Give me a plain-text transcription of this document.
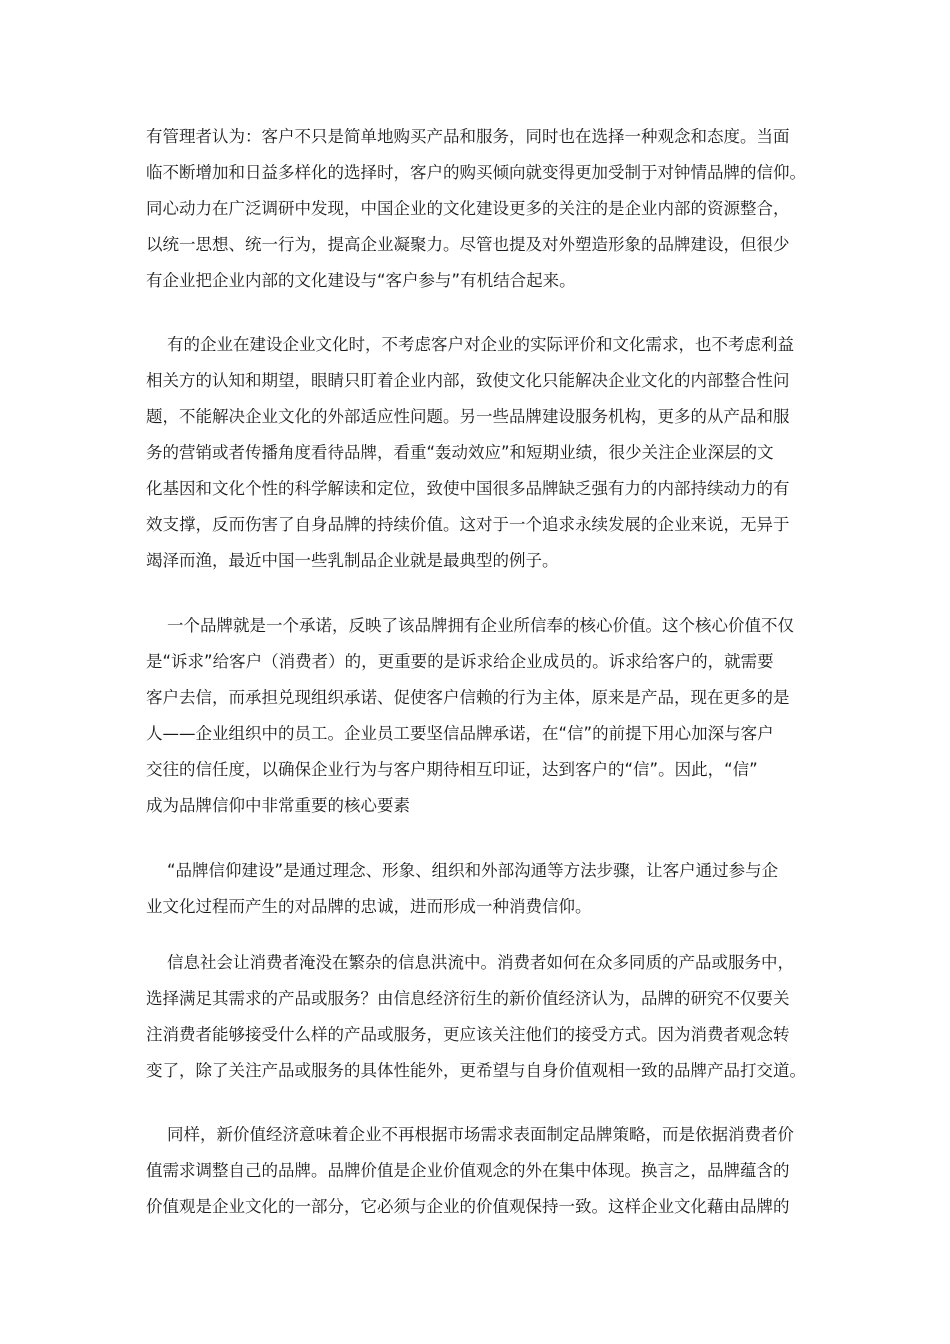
有管理者认为：客户不只是简单地购买产品和服务，同时也在选择一种观念和态度。当面
临不断增加和日益多样化的选择时，客户的购买倾向就变得更加受制于对钟情品牌的信仰。
同心动力在广泛调研中发现，中国企业的文化建设更多的关注的是企业内部的资源整合，
以统一思想、统一行为，提高企业凝聚力。尽管也提及对外塑造形象的品牌建设，但很少
有企业把企业内部的文化建设与“客户参与”有机结合起来。
有的企业在建设企业文化时，不考虑客户对企业的实际评价和文化需求，也不考虑利益
相关方的认知和期望，眼睛只盯着企业内部，致使文化只能解决企业文化的内部整合性问
题，不能解决企业文化的外部适应性问题。另一些品牌建设服务机构，更多的从产品和服
务的营销或者传播角度看待品牌，看重“轰动效应”和短期业绩，很少关注企业深层的文
化基因和文化个性的科学解读和定位，致使中国很多品牌缺乏强有力的内部持续动力的有
效支撑，反而伤害了自身品牌的持续价值。这对于一个追求永续发展的企业来说，无异于
竭泽而渔，最近中国一些乳制品企业就是最典型的例子。
一个品牌就是一个承诺，反映了该品牌拥有企业所信奉的核心价值。这个核心价值不仅
是“诉求”给客户（消费者）的，更重要的是诉求给企业成员的。诉求给客户的，就需要
客户去信，而承担兑现组织承诺、促使客户信赖的行为主体，原来是产品，现在更多的是
人——企业组织中的员工。企业员工要坚信品牌承诺，在“信”的前提下用心加深与客户
交往的信任度，以确保企业行为与客户期待相互印证，达到客户的“信”。因此，“信”
成为品牌信仰中非常重要的核心要素
“品牌信仰建设”是通过理念、形象、组织和外部沟通等方法步骤，让客户通过参与企
业文化过程而产生的对品牌的忠诚，进而形成一种消费信仰。
信息社会让消费者淹没在繁杂的信息洪流中。消费者如何在众多同质的产品或服务中，
选择满足其需求的产品或服务？由信息经济衍生的新价值经济认为，品牌的研究不仅要关
注消费者能够接受什么样的产品或服务，更应该关注他们的接受方式。因为消费者观念转
变了，除了关注产品或服务的具体性能外，更希望与自身价值观相一致的品牌产品打交道。
同样，新价值经济意味着企业不再根据市场需求表面制定品牌策略，而是依据消费者价
值需求调整自己的品牌。品牌价值是企业价值观念的外在集中体现。换言之，品牌蕴含的
价值观是企业文化的一部分，它必须与企业的价值观保持一致。这样企业文化藉由品牌的
